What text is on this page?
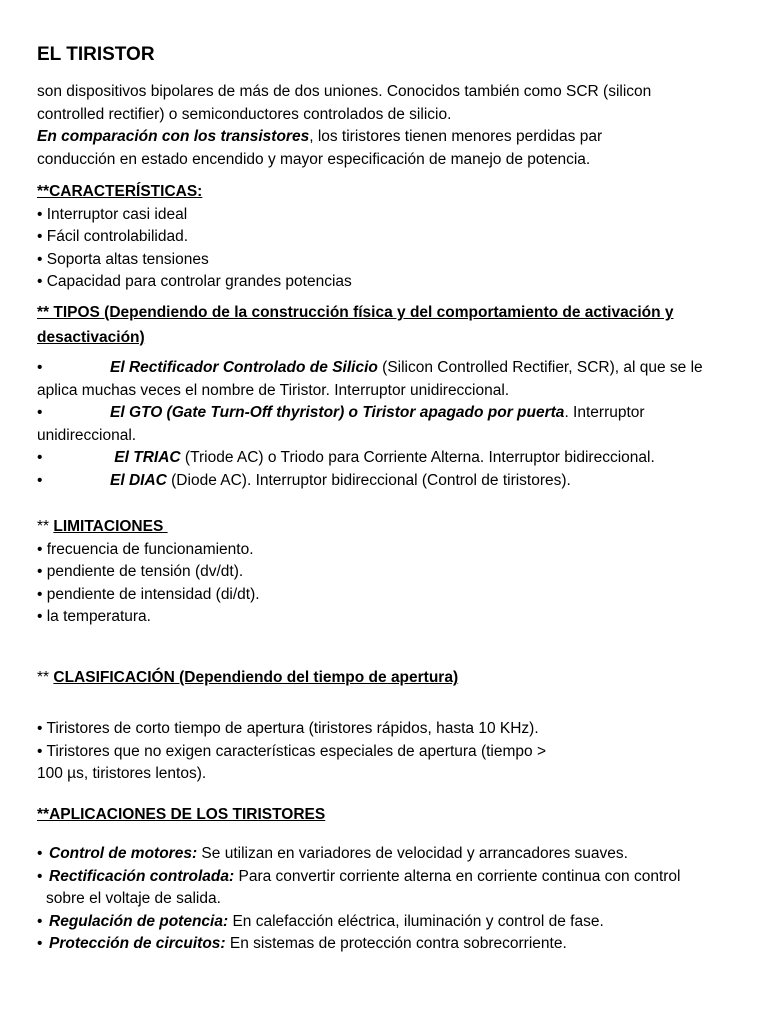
EL TIRISTOR
son dispositivos bipolares de más de dos uniones. Conocidos también como SCR (silicon
controlled rectifier) o semiconductores controlados de silicio.
En comparación con los transistores, los tiristores tienen menores perdidas par
conducción en estado encendido y mayor especificación de manejo de potencia.
**CARACTERÍSTICAS:
• Interruptor casi ideal
• Fácil controlabilidad.
• Soporta altas tensiones
• Capacidad para controlar grandes potencias
** TIPOS (Dependiendo de la construcción física y del comportamiento de activación y desactivación)
•	El Rectificador Controlado de Silicio (Silicon Controlled Rectifier, SCR), al que se le
aplica muchas veces el nombre de Tiristor. Interruptor unidireccional.
•	El GTO (Gate Turn-Off thyristor) o Tiristor apagado por puerta. Interruptor
unidireccional.
•	El TRIAC (Triode AC) o Triodo para Corriente Alterna. Interruptor bidireccional.
•	El DIAC (Diode AC). Interruptor bidireccional (Control de tiristores).
** LIMITACIONES
• frecuencia de funcionamiento.
• pendiente de tensión (dv/dt).
• pendiente de intensidad (di/dt).
• la temperatura.
** CLASIFICACIÓN (Dependiendo del tiempo de apertura)
• Tiristores de corto tiempo de apertura (tiristores rápidos, hasta 10 KHz).
• Tiristores que no exigen características especiales de apertura (tiempo >
100 µs, tiristores lentos).
**APLICACIONES DE LOS TIRISTORES
• Control de motores: Se utilizan en variadores de velocidad y arrancadores suaves.
• Rectificación controlada: Para convertir corriente alterna en corriente continua con control
sobre el voltaje de salida.
• Regulación de potencia: En calefacción eléctrica, iluminación y control de fase.
• Protección de circuitos: En sistemas de protección contra sobrecorriente.
